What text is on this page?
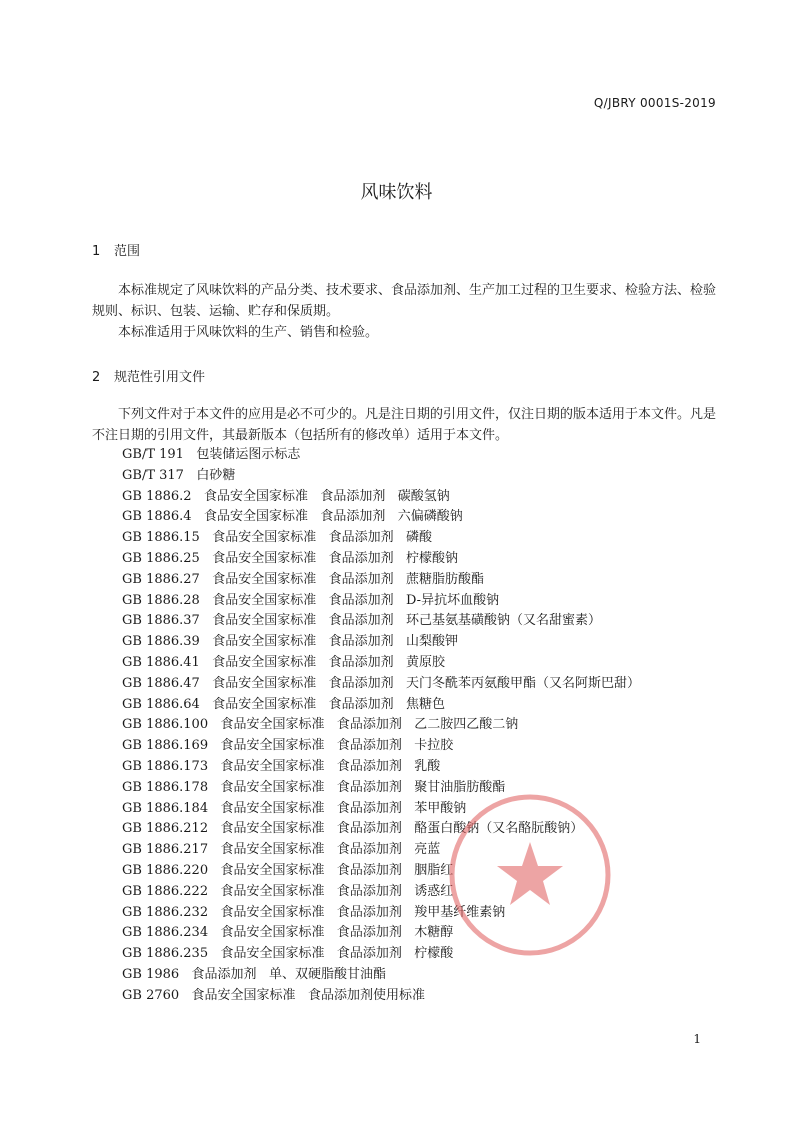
Q/JBRY 0001S-2019
风味饮料
1 范围

本标准规定了风味饮料的产品分类、技术要求、食品添加剂、生产加工过程的卫生要求、检验方法、检验规则、标识、包装、运输、贮存和保质期。

本标准适用于风味饮料的生产、销售和检验。

2 规范性引用文件

下列文件对于本文件的应用是必不可少的。凡是注日期的引用文件，仅注日期的版本适用于本文件。凡是不注日期的引用文件，其最新版本（包括所有的修改单）适用于本文件。

GB/T 191   包装储运图示标志
GB/T 317   白砂糖
GB 1886.2   食品安全国家标准   食品添加剂   碳酸氢钠
GB 1886.4   食品安全国家标准   食品添加剂   六偏磷酸钠
GB 1886.15   食品安全国家标准   食品添加剂   磷酸
GB 1886.25   食品安全国家标准   食品添加剂   柠檬酸钠
GB 1886.27   食品安全国家标准   食品添加剂   蔗糖脂肪酸酯
GB 1886.28   食品安全国家标准   食品添加剂   D-异抗坏血酸钠
GB 1886.37   食品安全国家标准   食品添加剂   环己基氨基磺酸钠（又名甜蜜素）
GB 1886.39   食品安全国家标准   食品添加剂   山梨酸钾
GB 1886.41   食品安全国家标准   食品添加剂   黄原胶
GB 1886.47   食品安全国家标准   食品添加剂   天门冬酰苯丙氨酸甲酯（又名阿斯巴甜）
GB 1886.64   食品安全国家标准   食品添加剂   焦糖色
GB 1886.100   食品安全国家标准   食品添加剂   乙二胺四乙酸二钠
GB 1886.169   食品安全国家标准   食品添加剂   卡拉胶
GB 1886.173   食品安全国家标准   食品添加剂   乳酸
GB 1886.178   食品安全国家标准   食品添加剂   聚甘油脂肪酸酯
GB 1886.184   食品安全国家标准   食品添加剂   苯甲酸钠
GB 1886.212   食品安全国家标准   食品添加剂   酪蛋白酸钠（又名酪朊酸钠）
GB 1886.217   食品安全国家标准   食品添加剂   亮蓝
GB 1886.220   食品安全国家标准   食品添加剂   胭脂红
GB 1886.222   食品安全国家标准   食品添加剂   诱惑红
GB 1886.232   食品安全国家标准   食品添加剂   羧甲基纤维素钠
GB 1886.234   食品安全国家标准   食品添加剂   木糖醇
GB 1886.235   食品安全国家标准   食品添加剂   柠檬酸
GB 1986   食品添加剂   单、双硬脂酸甘油酯
GB 2760   食品安全国家标准   食品添加剂使用标准
1
